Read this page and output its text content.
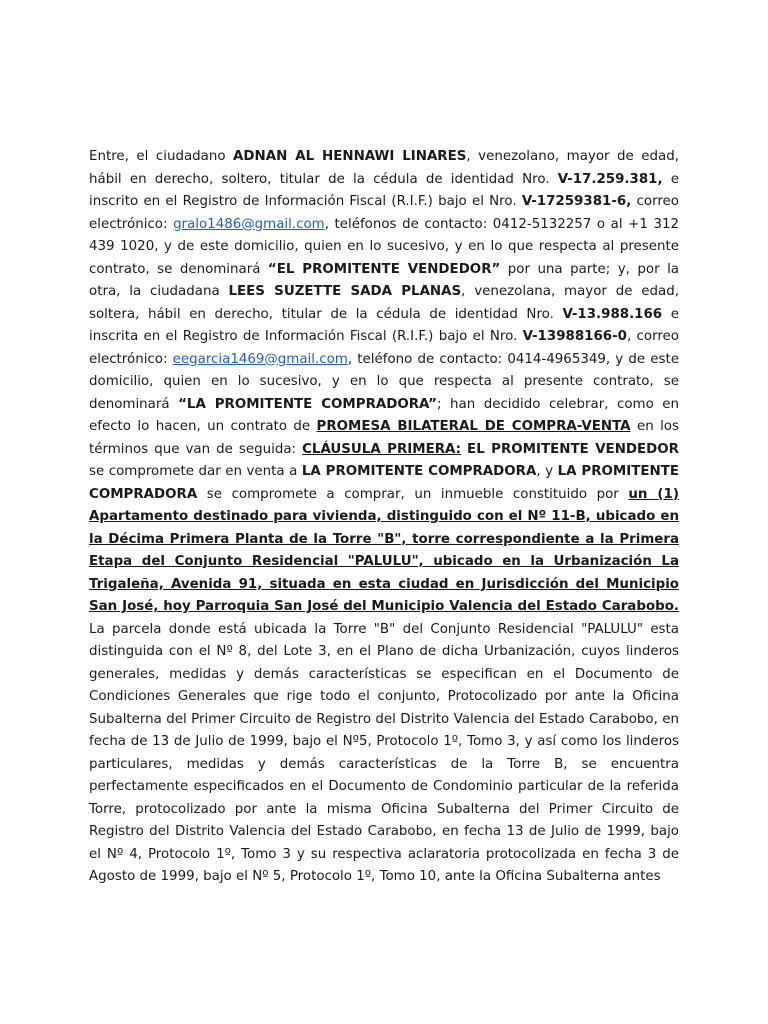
Entre, el ciudadano ADNAN AL HENNAWI LINARES, venezolano, mayor de edad, hábil en derecho, soltero, titular de la cédula de identidad Nro. V-17.259.381, e inscrito en el Registro de Información Fiscal (R.I.F.) bajo el Nro. V-17259381-6, correo electrónico: gralo1486@gmail.com, teléfonos de contacto: 0412-5132257 o al +1 312 439 1020, y de este domicilio, quien en lo sucesivo, y en lo que respecta al presente contrato, se denominará “EL PROMITENTE VENDEDOR” por una parte; y, por la otra, la ciudadana LEES SUZETTE SADA PLANAS, venezolana, mayor de edad, soltera, hábil en derecho, titular de la cédula de identidad Nro. V-13.988.166 e inscrita en el Registro de Información Fiscal (R.I.F.) bajo el Nro. V-13988166-0, correo electrónico: eegarcia1469@gmail.com, teléfono de contacto: 0414-4965349, y de este domicilio, quien en lo sucesivo, y en lo que respecta al presente contrato, se denominará “LA PROMITENTE COMPRADORA”; han decidido celebrar, como en efecto lo hacen, un contrato de PROMESA BILATERAL DE COMPRA-VENTA en los términos que van de seguida: CLÁUSULA PRIMERA: EL PROMITENTE VENDEDOR se compromete dar en venta a LA PROMITENTE COMPRADORA, y LA PROMITENTE COMPRADORA se compromete a comprar, un inmueble constituido por un (1) Apartamento destinado para vivienda, distinguido con el Nº 11-B, ubicado en la Décima Primera Planta de la Torre "B", torre correspondiente a la Primera Etapa del Conjunto Residencial "PALULU", ubicado en la Urbanización La Trigaleña, Avenida 91, situada en esta ciudad en Jurisdicción del Municipio San José, hoy Parroquia San José del Municipio Valencia del Estado Carabobo. La parcela donde está ubicada la Torre "B" del Conjunto Residencial "PALULU" esta distinguida con el Nº 8, del Lote 3, en el Plano de dicha Urbanización, cuyos linderos generales, medidas y demás características se especifican en el Documento de Condiciones Generales que rige todo el conjunto, Protocolizado por ante la Oficina Subalterna del Primer Circuito de Registro del Distrito Valencia del Estado Carabobo, en fecha de 13 de Julio de 1999, bajo el Nº5, Protocolo 1º, Tomo 3, y así como los linderos particulares, medidas y demás características de la Torre B, se encuentra perfectamente especificados en el Documento de Condominio particular de la referida Torre, protocolizado por ante la misma Oficina Subalterna del Primer Circuito de Registro del Distrito Valencia del Estado Carabobo, en fecha 13 de Julio de 1999, bajo el Nº 4, Protocolo 1º, Tomo 3 y su respectiva aclaratoria protocolizada en fecha 3 de Agosto de 1999, bajo el Nº 5, Protocolo 1º, Tomo 10, ante la Oficina Subalterna antes
